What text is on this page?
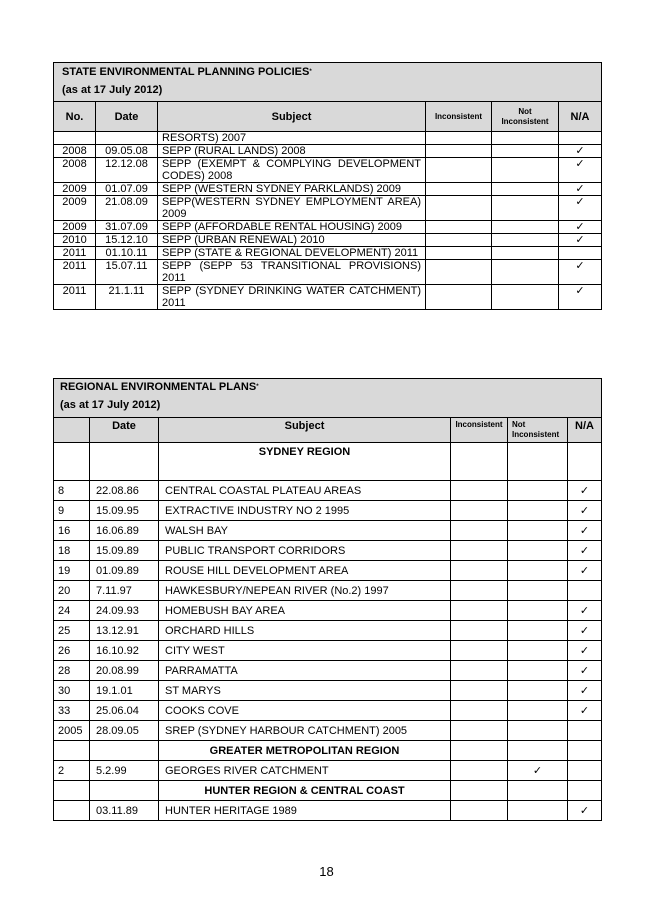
STATE ENVIRONMENTAL PLANNING POLICIES*
(as at 17 July 2012)					
No.	Date	Subject	Inconsistent	Not Inconsistent	N/A
		RESORTS) 2007			
2008	09.05.08	SEPP (RURAL LANDS) 2008			✓
2008	12.12.08	SEPP (EXEMPT & COMPLYING DEVELOPMENT CODES) 2008			✓
2009	01.07.09	SEPP (WESTERN SYDNEY PARKLANDS) 2009			✓
2009	21.08.09	SEPP(WESTERN SYDNEY EMPLOYMENT AREA) 2009			✓
2009	31.07.09	SEPP (AFFORDABLE RENTAL HOUSING) 2009			✓
2010	15.12.10	SEPP (URBAN RENEWAL) 2010			✓
2011	01.10.11	SEPP (STATE & REGIONAL DEVELOPMENT) 2011			
2011	15.07.11	SEPP (SEPP 53 TRANSITIONAL PROVISIONS) 2011			✓
2011	21.1.11	SEPP (SYDNEY DRINKING WATER CATCHMENT) 2011			✓
REGIONAL ENVIRONMENTAL PLANS*
(as at 17 July 2012)					
	Date	Subject	Inconsistent	Not Inconsistent	N/A
		SYDNEY REGION			
8	22.08.86	CENTRAL COASTAL PLATEAU AREAS			✓
9	15.09.95	EXTRACTIVE INDUSTRY NO 2 1995			✓
16	16.06.89	WALSH BAY			✓
18	15.09.89	PUBLIC TRANSPORT CORRIDORS			✓
19	01.09.89	ROUSE HILL DEVELOPMENT AREA			✓
20	7.11.97	HAWKESBURY/NEPEAN RIVER (No.2) 1997			
24	24.09.93	HOMEBUSH BAY AREA			✓
25	13.12.91	ORCHARD HILLS			✓
26	16.10.92	CITY WEST			✓
28	20.08.99	PARRAMATTA			✓
30	19.1.01	ST MARYS			✓
33	25.06.04	COOKS COVE			✓
2005	28.09.05	SREP (SYDNEY HARBOUR CATCHMENT) 2005			
		GREATER METROPOLITAN REGION			
2	5.2.99	GEORGES RIVER CATCHMENT		✓	
		HUNTER REGION & CENTRAL COAST			
	03.11.89	HUNTER HERITAGE 1989			✓
18
